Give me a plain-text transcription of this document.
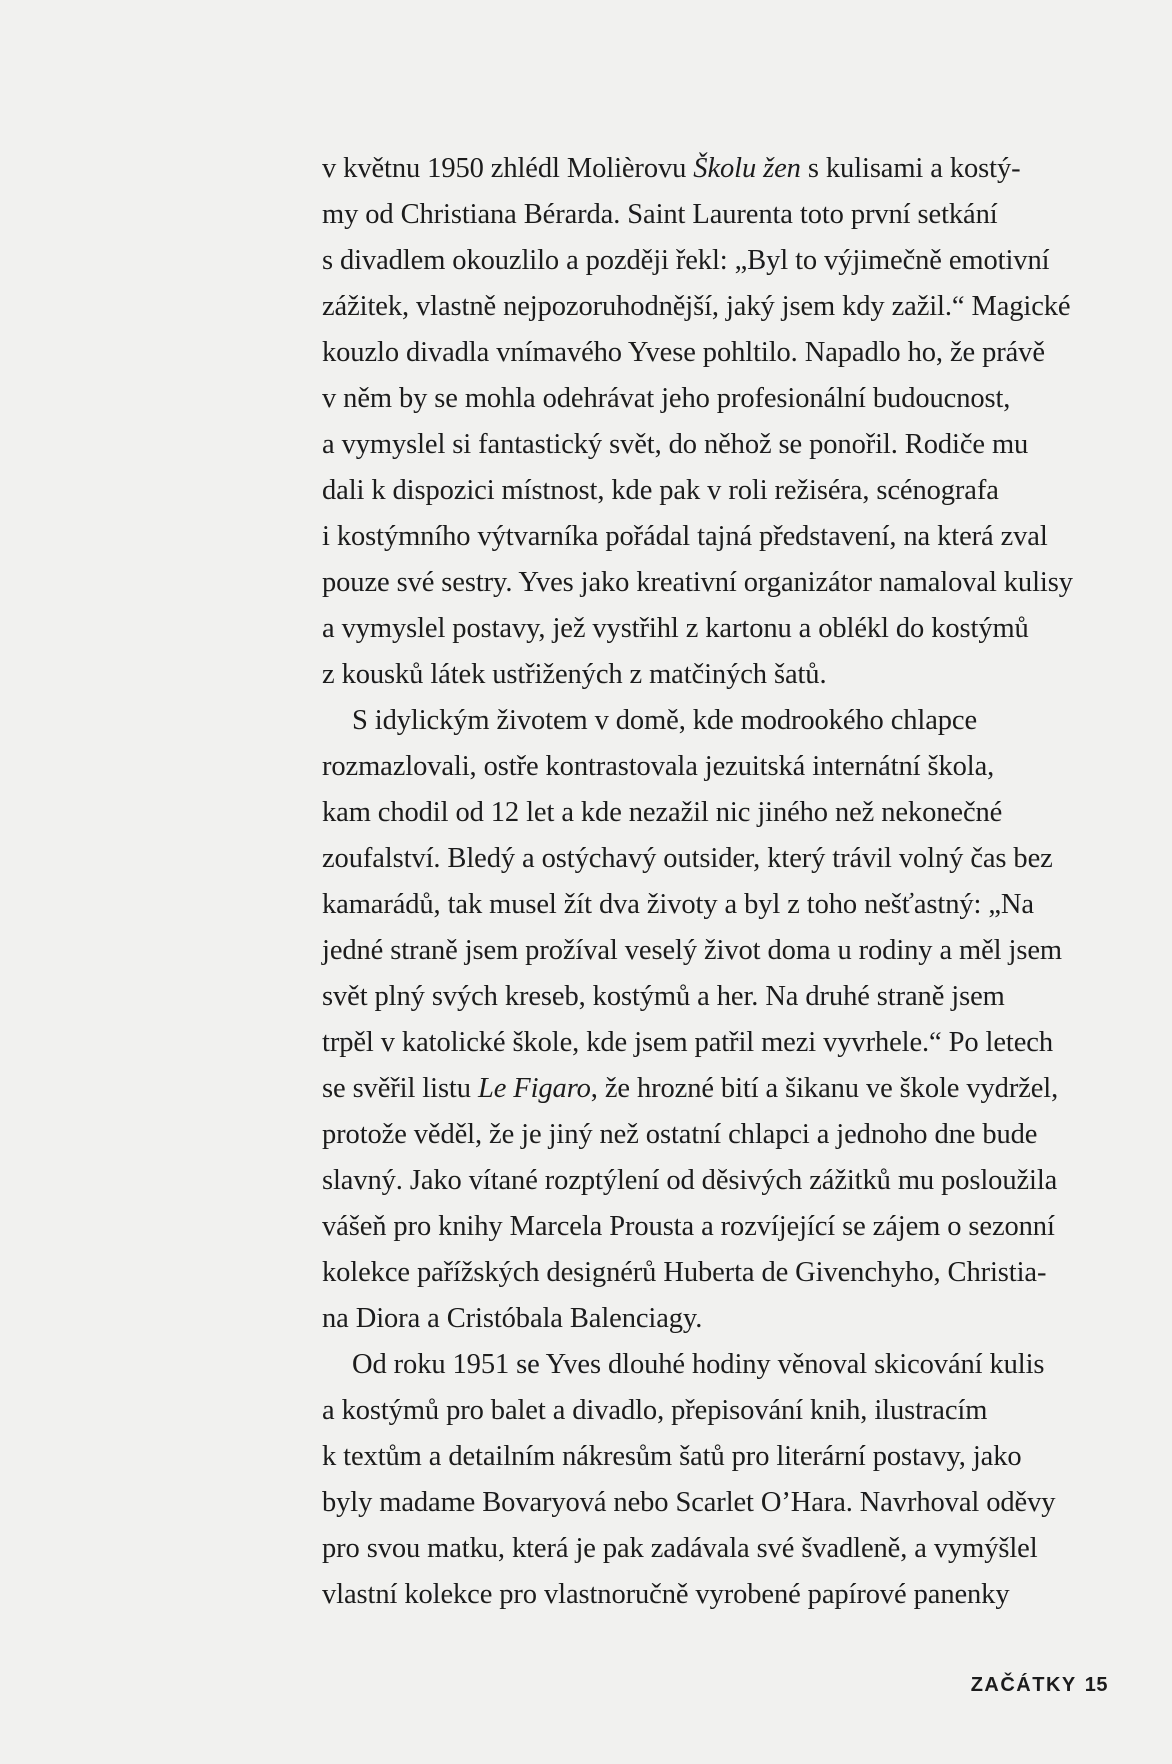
v květnu 1950 zhlédl Molièrovu Školu žen s kulisami a kostý-
my od Christiana Bérarda. Saint Laurenta toto první setkání
s divadlem okouzlilo a později řekl: „Byl to výjimečně emotivní
zážitek, vlastně nejpozoruhodnější, jaký jsem kdy zažil.“ Magické
kouzlo divadla vnímavého Yvese pohltilo. Napadlo ho, že právě
v něm by se mohla odehrávat jeho profesionální budoucnost,
a vymyslel si fantastický svět, do něhož se ponořil. Rodiče mu
dali k dispozici místnost, kde pak v roli režiséra, scénografa
i kostýmního výtvarníka pořádal tajná představení, na která zval
pouze své sestry. Yves jako kreativní organizátor namaloval kulisy
a vymyslel postavy, jež vystřihl z kartonu a oblékl do kostýmů
z kousků látek ustřižených z matčiných šatů.
S idylickým životem v domě, kde modrookého chlapce
rozmazlovali, ostře kontrastovala jezuitská internátní škola,
kam chodil od 12 let a kde nezažil nic jiného než nekonečné
zoufalství. Bledý a ostýchavý outsider, který trávil volný čas bez
kamarádů, tak musel žít dva životy a byl z toho nešťastný: „Na
jedné straně jsem prožíval veselý život doma u rodiny a měl jsem
svět plný svých kreseb, kostýmů a her. Na druhé straně jsem
trpěl v katolické škole, kde jsem patřil mezi vyvrhele.“ Po letech
se svěřil listu Le Figaro, že hrozné bití a šikanu ve škole vydržel,
protože věděl, že je jiný než ostatní chlapci a jednoho dne bude
slavný. Jako vítané rozptýlení od děsivých zážitků mu posloužila
vášeň pro knihy Marcela Prousta a rozvíjející se zájem o sezonní
kolekce pařížských designérů Huberta de Givenchyho, Christia-
na Diora a Cristóbala Balenciagy.
Od roku 1951 se Yves dlouhé hodiny věnoval skicování kulis
a kostýmů pro balet a divadlo, přepisování knih, ilustracím
k textům a detailním nákresům šatů pro literární postavy, jako
byly madame Bovaryová nebo Scarlet O’Hara. Navrhoval oděvy
pro svou matku, která je pak zadávala své švadleně, a vymýšlel
vlastní kolekce pro vlastnoručně vyrobené papírové panenky
ZAČÁTKY 15
